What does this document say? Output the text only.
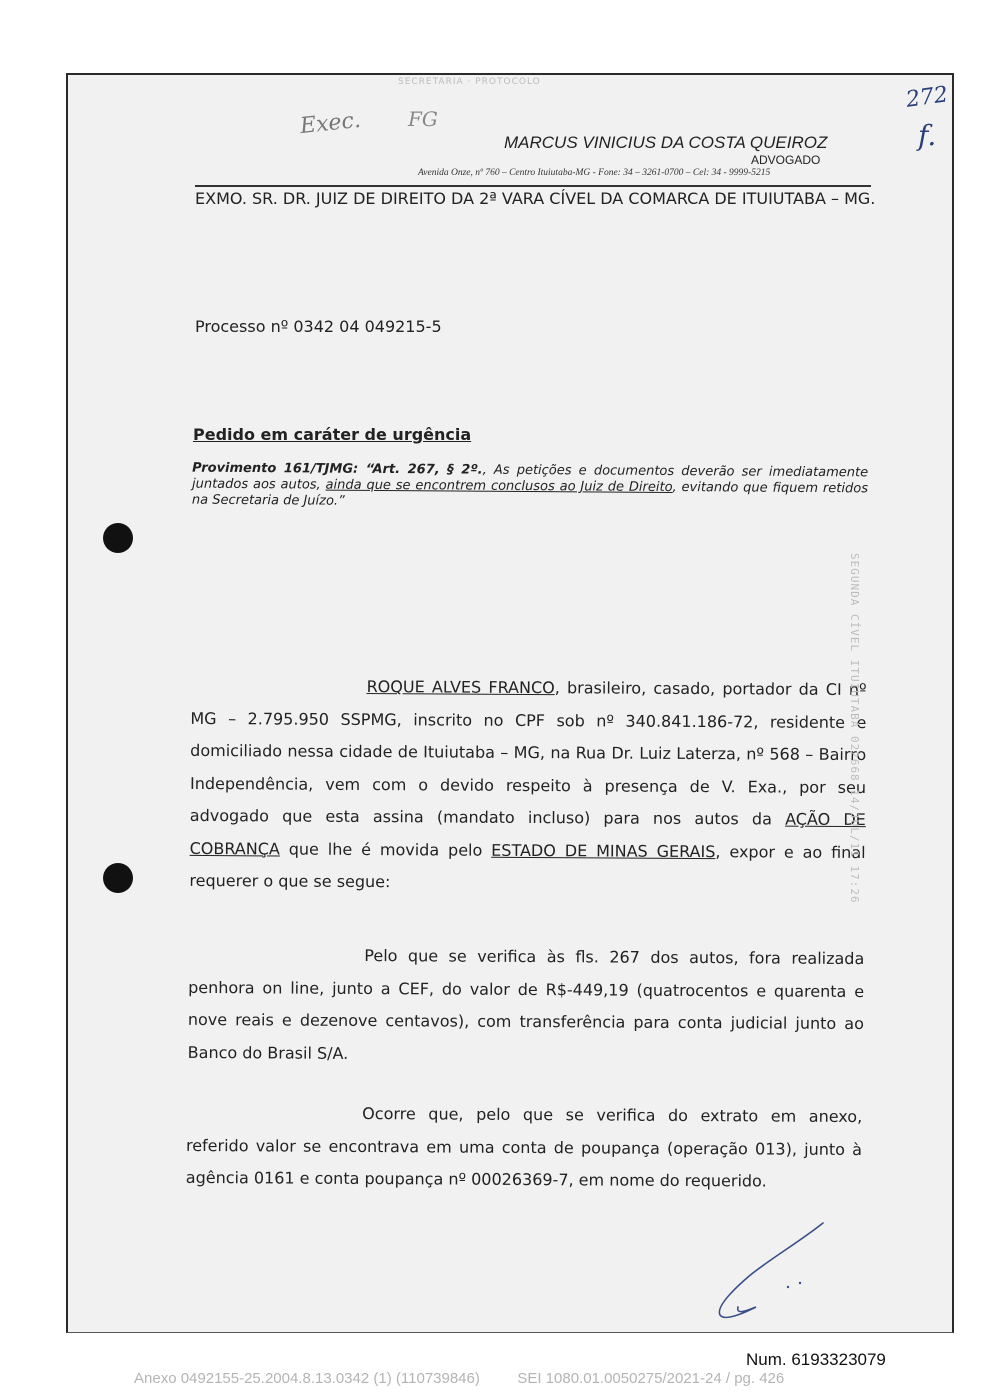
SECRETARIA · PROTOCOLO
Exec. FG
272
f.
MARCUS VINICIUS DA COSTA QUEIROZ
ADVOGADO
Avenida Onze, nº 760 – Centro Ituiutaba-MG - Fone: 34 – 3261-0700 – Cel: 34 - 9999-5215
EXMO. SR. DR. JUIZ DE DIREITO DA 2ª VARA CÍVEL DA COMARCA DE ITUIUTABA – MG.
Processo nº 0342 04 049215-5
Pedido em caráter de urgência
Provimento 161/TJMG: “Art. 267, § 2º., As petições e documentos deverão ser imediatamente juntados aos autos, ainda que se encontrem conclusos ao Juiz de Direito, evitando que fiquem retidos na Secretaria de Juízo.”
ROQUE ALVES FRANCO, brasileiro, casado, portador da CI nº MG – 2.795.950 SSPMG, inscrito no CPF sob nº 340.841.186-72, residente e domiciliado nessa cidade de Ituiutaba – MG, na Rua Dr. Luiz Laterza, nº 568 – Bairro Independência, vem com o devido respeito à presença de V. Exa., por seu advogado que esta assina (mandato incluso) para nos autos da AÇÃO DE COBRANÇA que lhe é movida pelo ESTADO DE MINAS GERAIS, expor e ao final requerer o que se segue:
Pelo que se verifica às fls. 267 dos autos, fora realizada penhora on line, junto a CEF, do valor de R$-449,19 (quatrocentos e quarenta e nove reais e dezenove centavos), com transferência para conta judicial junto ao Banco do Brasil S/A.
Ocorre que, pelo que se verifica do extrato em anexo, referido valor se encontrava em uma conta de poupança (operação 013), junto à agência 0161 e conta poupança nº 00026369-7, em nome do requerido.
SEGUNDA CÍVEL ITUIUTABA 022668 14/JUL/11 17:26
Num. 6193323079
Anexo 0492155-25.2004.8.13.0342 (1) (110739846)         SEI 1080.01.0050275/2021-24 / pg. 426
